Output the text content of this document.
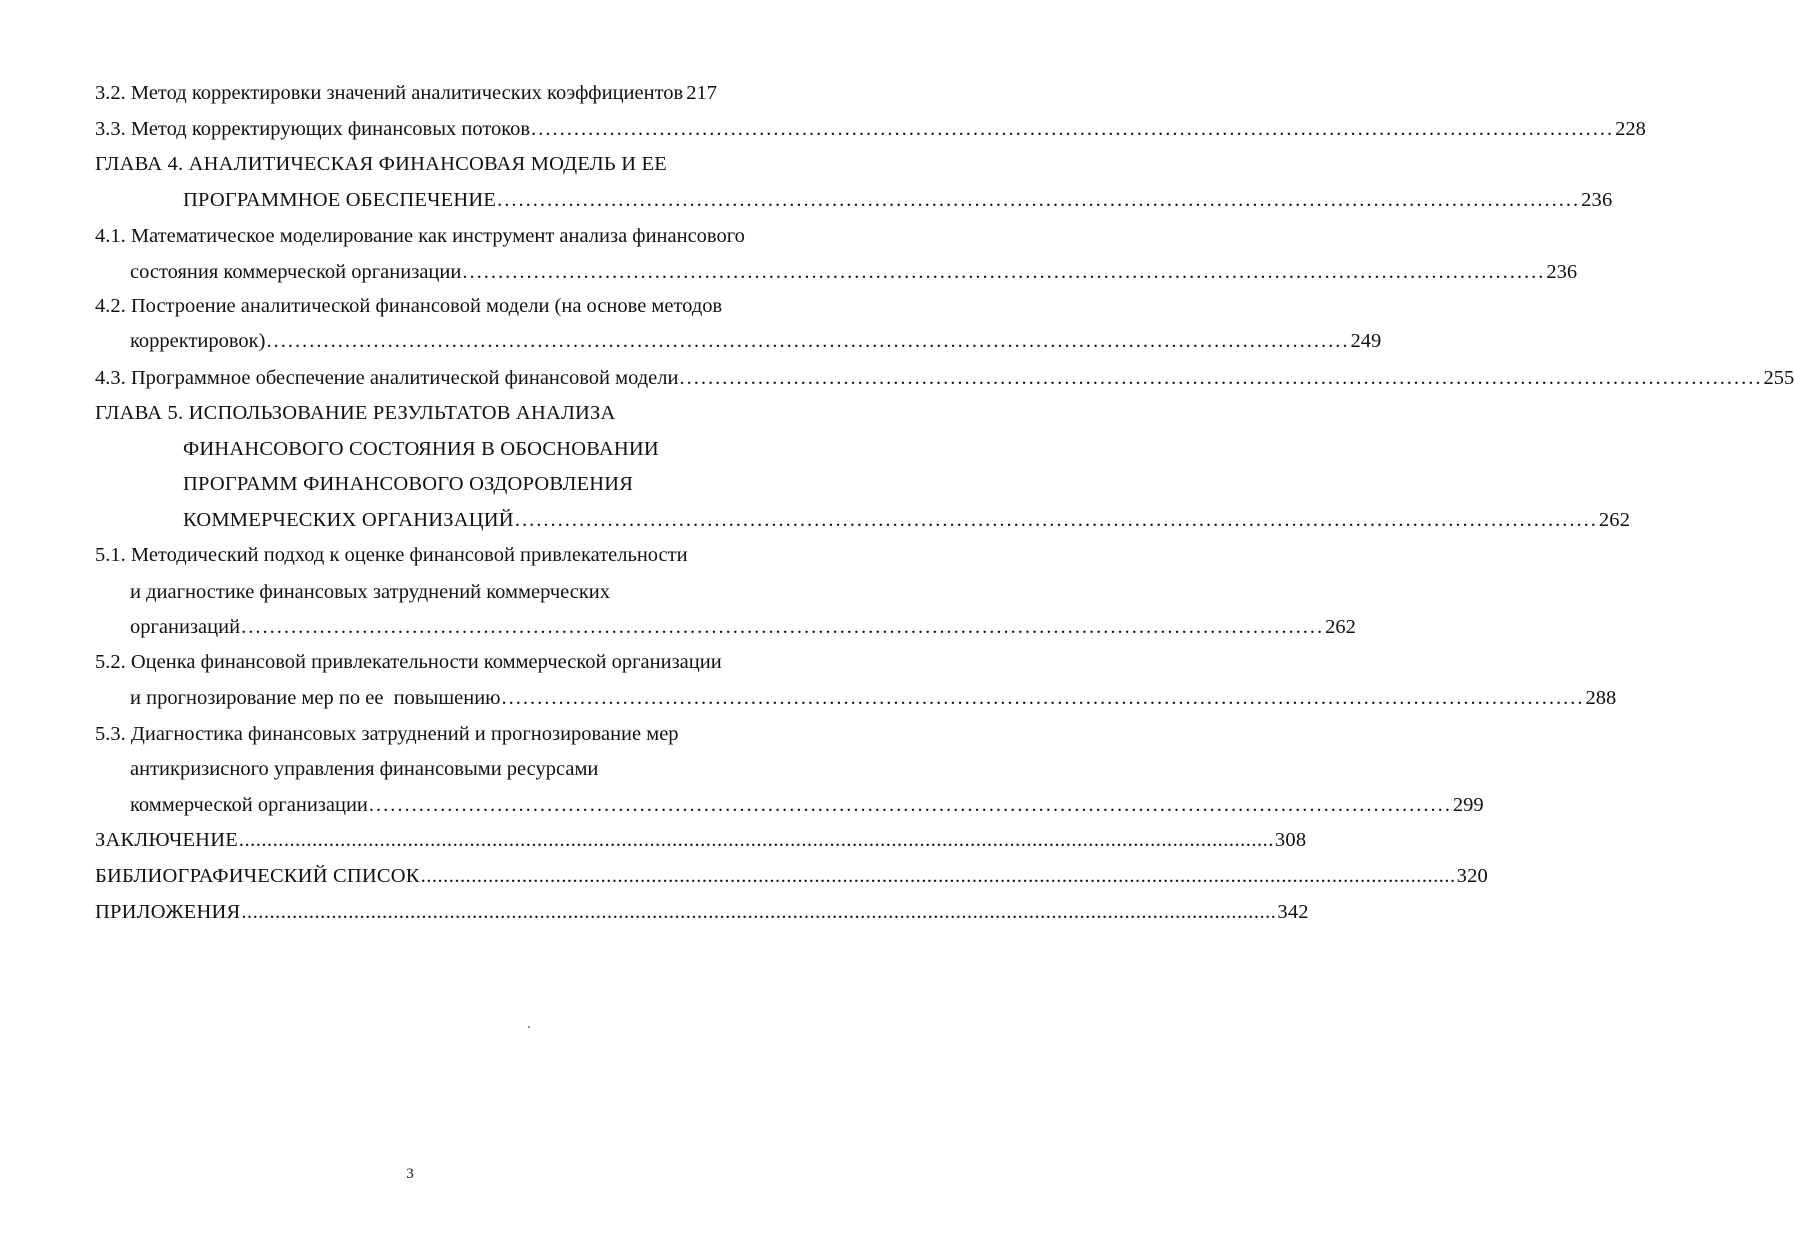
3.2. Метод корректировки значений аналитических коэффициентов 217
3.3. Метод корректирующих финансовых потоков ........................................................................................................................................................ 228
ГЛАВА 4. АНАЛИТИЧЕСКАЯ ФИНАНСОВАЯ МОДЕЛЬ И ЕЕ
ПРОГРАММНОЕ ОБЕСПЕЧЕНИЕ ........................................................................................................................................................ 236
4.1. Математическое моделирование как инструмент анализа финансового
состояния коммерческой организации ........................................................................................................................................................ 236
4.2. Построение аналитической финансовой модели (на основе методов
корректировок) ........................................................................................................................................................ 249
4.3. Программное обеспечение аналитической финансовой модели ........................................................................................................................................................ 255
ГЛАВА 5. ИСПОЛЬЗОВАНИЕ РЕЗУЛЬТАТОВ АНАЛИЗА
ФИНАНСОВОГО СОСТОЯНИЯ В ОБОСНОВАНИИ
ПРОГРАММ ФИНАНСОВОГО ОЗДОРОВЛЕНИЯ
КОММЕРЧЕСКИХ ОРГАНИЗАЦИЙ ........................................................................................................................................................ 262
5.1. Методический подход к оценке финансовой привлекательности
и диагностике финансовых затруднений коммерческих
организаций ........................................................................................................................................................ 262
5.2. Оценка финансовой привлекательности коммерческой организации
и прогнозирование мер по ее  повышению ........................................................................................................................................................ 288
5.3. Диагностика финансовых затруднений и прогнозирование мер
антикризисного управления финансовыми ресурсами
коммерческой организации ........................................................................................................................................................ 299
ЗАКЛЮЧЕНИЕ ........................................................................................................................................................................................ 308
БИБЛИОГРАФИЧЕСКИЙ СПИСОК ........................................................................................................................................................................................ 320
ПРИЛОЖЕНИЯ ........................................................................................................................................................................................ 342
3
